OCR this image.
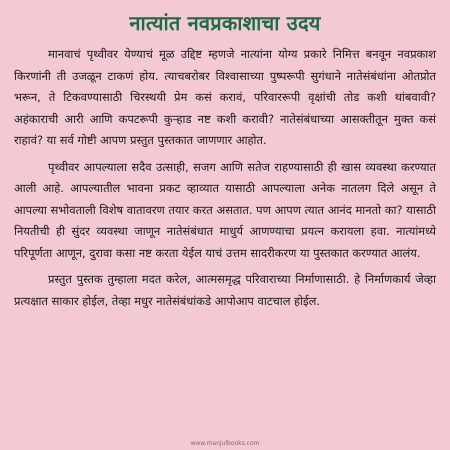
नात्यांत नवप्रकाशाचा उदय

मानवाचं पृथ्वीवर येण्याचं मूळ उद्दिष्ट म्हणजे नात्यांना योग्य प्रकारे निमित्त बनवून नवप्रकाश किरणांनी ती उजळून टाकणं होय. त्याचबरोबर विश्वासाच्या पुष्परूपी सुगंधाने नातेसंबंधांना ओतप्रोत भरून, ते टिकवण्यासाठी चिरस्थयी प्रेम कसं करावं, परिवाररूपी वृक्षांची तोड कशी थांबवावी? अहंकाराची आरी आणि कपटरूपी कुऱ्हाड नष्ट कशी करावी? नातेसंबंधाच्या आसक्तीतून मुक्त कसं राहावं? या सर्व गोष्टी आपण प्रस्तुत पुस्तकात जाणणार आहोत.

पृथ्वीवर आपल्याला सदैव उत्साही, सजग आणि सतेज राहण्यासाठी ही खास व्यवस्था करण्यात आली आहे. आपल्यातील भावना प्रकट व्हाव्यात यासाठी आपल्याला अनेक नातलग दिले असून ते आपल्या सभोवताली विशेष वातावरण तयार करत असतात. पण आपण त्यात आनंद मानतो का? यासाठी नियतीची ही सुंदर व्यवस्था जाणून नातेसंबंधात माधुर्य आणण्याचा प्रयत्न करायला हवा. नात्यांमध्ये परिपूर्णता आणून, दुरावा कसा नष्ट करता येईल याचं उत्तम सादरीकरण या पुस्तकात करण्यात आलंय.

प्रस्तुत पुस्तक तुम्हाला मदत करेल, आत्मसमृद्ध परिवाराच्या निर्माणासाठी. हे निर्माणकार्य जेव्हा प्रत्यक्षात साकार होईल, तेव्हा मधुर नातेसंबंधांकडे आपोआप वाटचाल होईल.

www.manjulbooks.com
